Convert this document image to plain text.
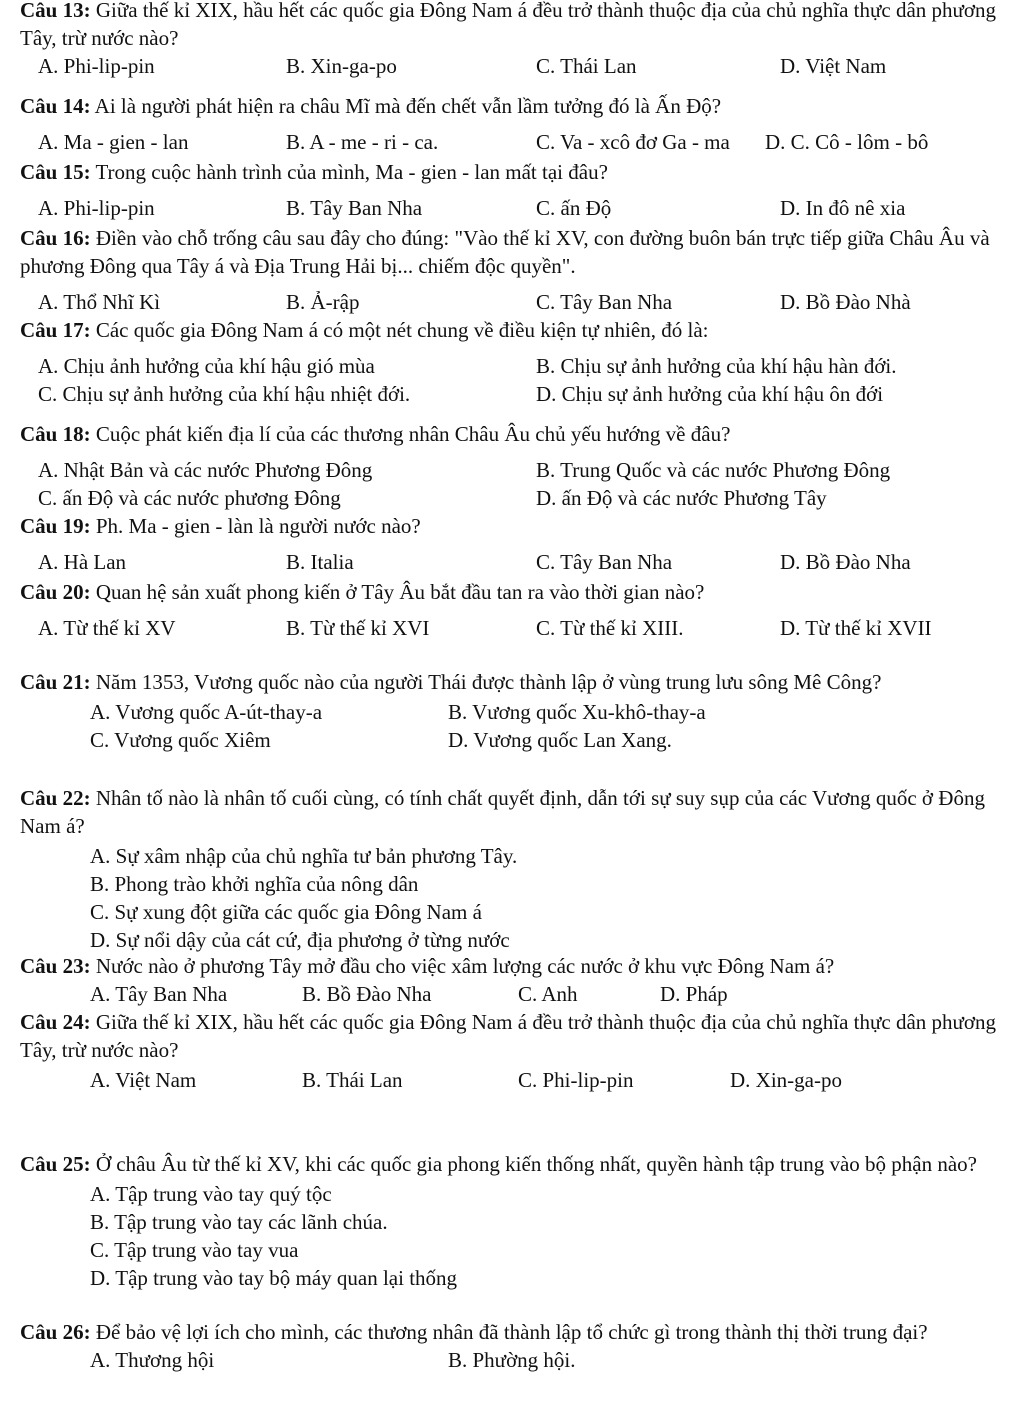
Câu 13: Giữa thế kỉ XIX, hầu hết các quốc gia Đông Nam á đều trở thành thuộc địa của chủ nghĩa thực dân phương Tây, trừ nước nào?
A. Phi-lip-pin	B. Xin-ga-po	C. Thái Lan	D. Việt Nam
Câu 14: Ai là người phát hiện ra châu Mĩ mà đến chết vẫn lầm tưởng đó là Ấn Độ?
A. Ma - gien - lan	B. A - me - ri - ca.	C. Va - xcô đơ Ga - ma D. C. Cô - lôm - bô
Câu 15: Trong cuộc hành trình của mình, Ma - gien - lan mất tại đâu?
A. Phi-lip-pin	B. Tây Ban Nha	C. ấn Độ	D. In đô nê xia
Câu 16: Điền vào chỗ trống câu sau đây cho đúng: "Vào thế kỉ XV, con đường buôn bán trực tiếp giữa Châu Âu và phương Đông qua Tây á và Địa Trung Hải bị... chiếm độc quyền".
A. Thổ Nhĩ Kì	B. Ả-rập	C. Tây Ban Nha	D. Bồ Đào Nhà
Câu 17: Các quốc gia Đông Nam á có một nét chung về điều kiện tự nhiên, đó là:
A. Chịu ảnh hưởng của khí hậu gió mùa	B. Chịu sự ảnh hưởng của khí hậu hàn đới.
C. Chịu sự ảnh hưởng của khí hậu nhiệt đới.	D. Chịu sự ảnh hưởng của khí hậu ôn đới
Câu 18: Cuộc phát kiến địa lí của các thương nhân Châu Âu chủ yếu hướng về đâu?
A. Nhật Bản và các nước Phương Đông	B. Trung Quốc và các nước Phương Đông
C. ấn Độ và các nước phương Đông	D. ấn Độ và các nước Phương Tây
Câu 19: Ph. Ma - gien - làn là người nước nào?
A. Hà Lan	B. Italia	C. Tây Ban Nha	D. Bồ Đào Nha
Câu 20: Quan hệ sản xuất phong kiến ở Tây Âu bắt đầu tan ra vào thời gian nào?
A. Từ thế kỉ XV	B. Từ thế kỉ XVI	C. Từ thế kỉ XIII.	D. Từ thế kỉ XVII
Câu 21: Năm 1353, Vương quốc nào của người Thái được thành lập ở vùng trung lưu sông Mê Công?
A. Vương quốc A-út-thay-a	B. Vương quốc Xu-khô-thay-a
C. Vương quốc Xiêm	D. Vương quốc Lan Xang.
Câu 22: Nhân tố nào là nhân tố cuối cùng, có tính chất quyết định, dẫn tới sự suy sụp của các Vương quốc ở Đông Nam á?
A. Sự xâm nhập của chủ nghĩa tư bản phương Tây.
B. Phong trào khởi nghĩa của nông dân
C. Sự xung đột giữa các quốc gia Đông Nam á
D. Sự nổi dậy của cát cứ, địa phương ở từng nước
Câu 23: Nước nào ở phương Tây mở đầu cho việc xâm lượng các nước ở khu vực Đông Nam á?
A. Tây Ban Nha	B. Bồ Đào Nha	C. Anh	D. Pháp
Câu 24: Giữa thế kỉ XIX, hầu hết các quốc gia Đông Nam á đều trở thành thuộc địa của chủ nghĩa thực dân phương Tây, trừ nước nào?
A. Việt Nam	B. Thái Lan	C. Phi-lip-pin	D. Xin-ga-po
Câu 25: Ở châu Âu từ thế kỉ XV, khi các quốc gia phong kiến thống nhất, quyền hành tập trung vào bộ phận nào?
A. Tập trung vào tay quý tộc
B. Tập trung vào tay các lãnh chúa.
C. Tập trung vào tay vua
D. Tập trung vào tay bộ máy quan lại thống
Câu 26: Để bảo vệ lợi ích cho mình, các thương nhân đã thành lập tổ chức gì trong thành thị thời trung đại?
A. Thương hội	B. Phường hội.
